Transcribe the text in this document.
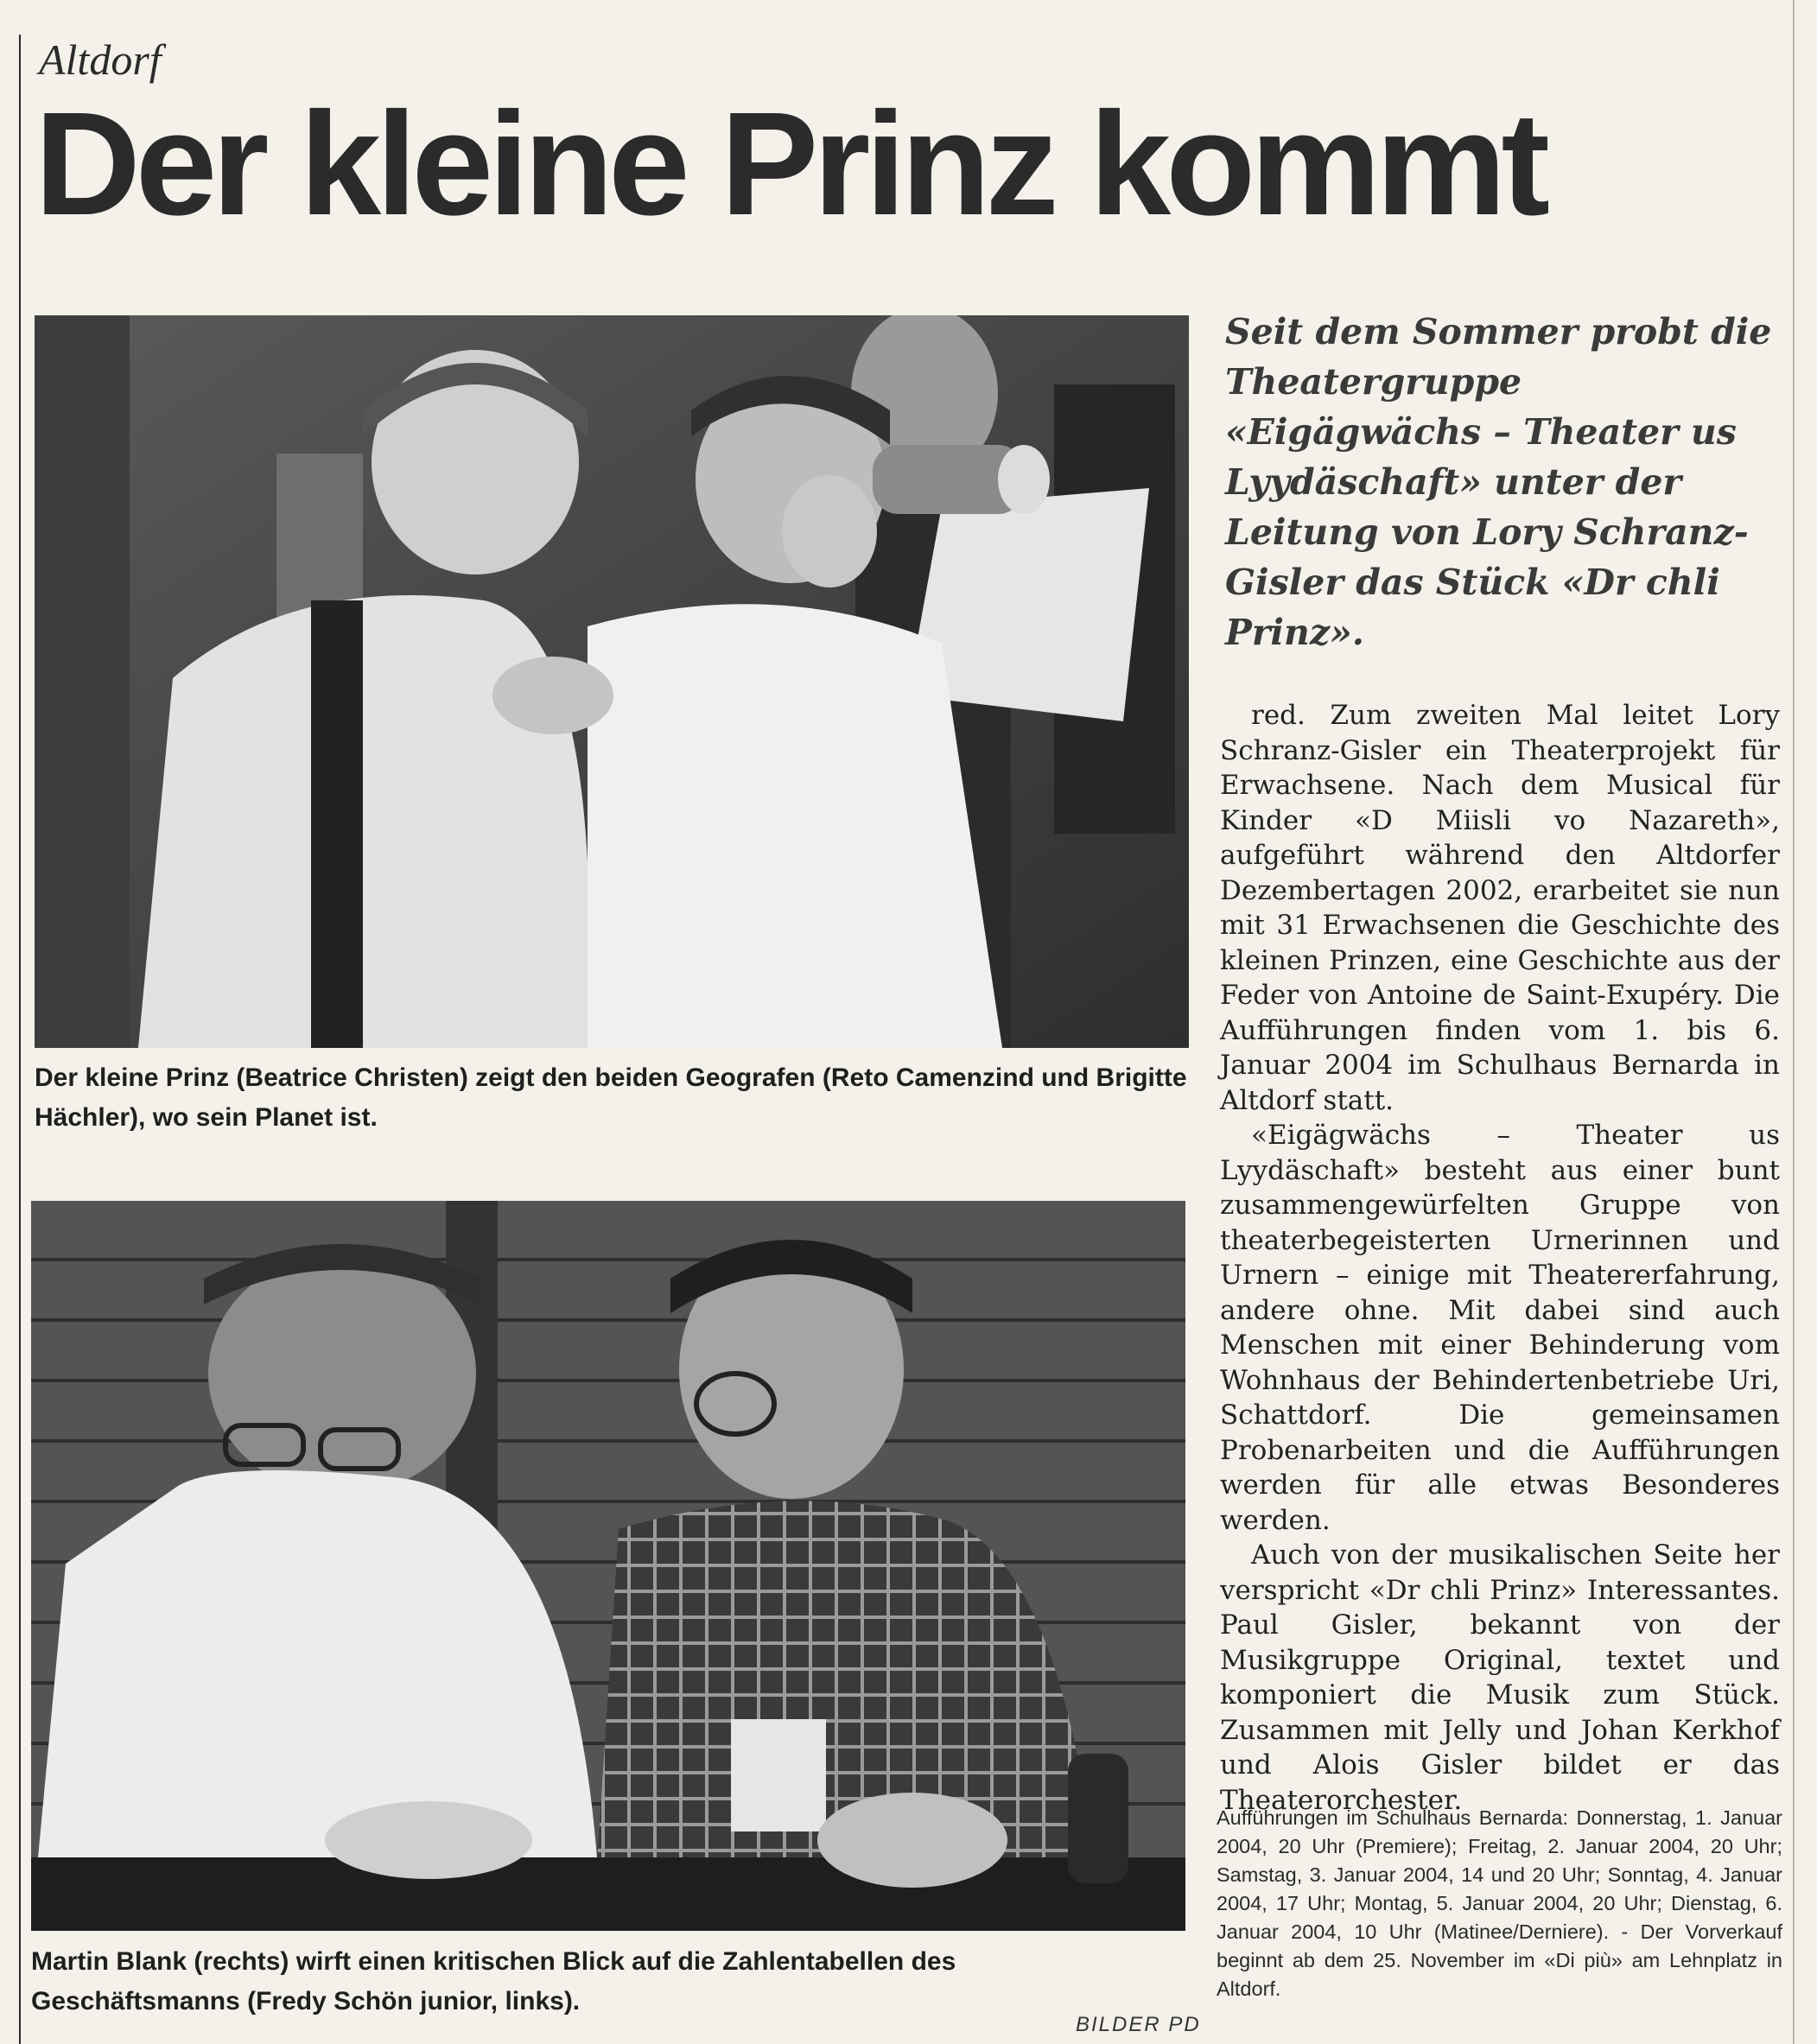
Altdorf
Der kleine Prinz kommt
Der kleine Prinz (Beatrice Christen) zeigt den beiden Geografen (Reto Camenzind und Brigitte Hächler), wo sein Planet ist.
Martin Blank (rechts) wirft einen kritischen Blick auf die Zahlentabellen des Geschäftsmanns (Fredy Schön junior, links).
BILDER PD
Seit dem Sommer probt die Theatergruppe «Eigägwächs – Theater us Lyydäschaft» unter der Leitung von Lory Schranz-Gisler das Stück «Dr chli Prinz».

red. Zum zweiten Mal leitet Lory Schranz-Gisler ein Theaterprojekt für Erwachsene. Nach dem Musical für Kinder «D Miisli vo Nazareth», aufgeführt während den Altdorfer Dezembertagen 2002, erarbeitet sie nun mit 31 Erwachsenen die Geschichte des kleinen Prinzen, eine Geschichte aus der Feder von Antoine de Saint-Exupéry. Die Aufführungen finden vom 1. bis 6. Januar 2004 im Schulhaus Bernarda in Altdorf statt.

«Eigägwächs – Theater us Lyydäschaft» besteht aus einer bunt zusammengewürfelten Gruppe von theaterbegeisterten Urnerinnen und Urnern – einige mit Theatererfahrung, andere ohne. Mit dabei sind auch Menschen mit einer Behinderung vom Wohnhaus der Behindertenbetriebe Uri, Schattdorf. Die gemeinsamen Probenarbeiten und die Aufführungen werden für alle etwas Besonderes werden.

Auch von der musikalischen Seite her verspricht «Dr chli Prinz» Interessantes. Paul Gisler, bekannt von der Musikgruppe Original, textet und komponiert die Musik zum Stück. Zusammen mit Jelly und Johan Kerkhof und Alois Gisler bildet er das Theaterorchester.

Aufführungen im Schulhaus Bernarda: Donnerstag, 1. Januar 2004, 20 Uhr (Premiere); Freitag, 2. Januar 2004, 20 Uhr; Samstag, 3. Januar 2004, 14 und 20 Uhr; Sonntag, 4. Januar 2004, 17 Uhr; Montag, 5. Januar 2004, 20 Uhr; Dienstag, 6. Januar 2004, 10 Uhr (Matinee/Derniere). - Der Vorverkauf beginnt ab dem 25. November im «Di più» am Lehnplatz in Altdorf.
